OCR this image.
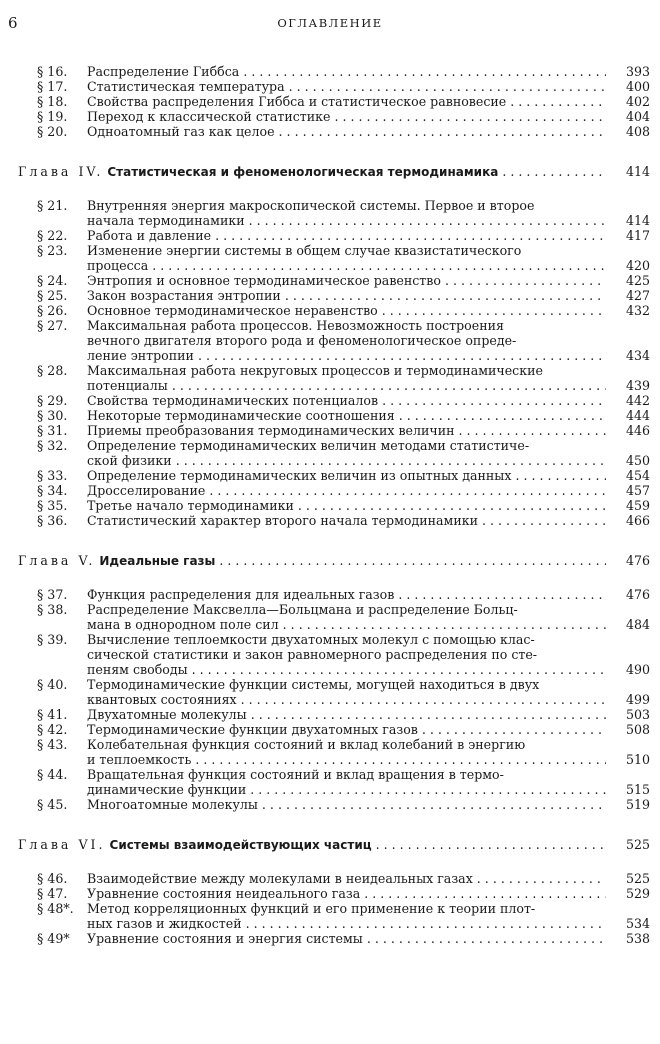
6	ОГЛАВЛЕНИЕ
§ 16.	Распределение Гиббса . . .	393
§ 17.	Статистическая температура . . .	400
§ 18.	Свойства распределения Гиббса и статистическое равновесие . . .	402
§ 19.	Переход к классической статистике . . .	404
§ 20.	Одноатомный газ как целое . . .	408
Глава IV. Статистическая и феноменологическая термодинамика . . .	414
§ 21.	Внутренняя энергия макроскопической системы. Первое и второе
начала термодинамики . . .	414
§ 22.	Работа и давление . . .	417
§ 23.	Изменение энергии системы в общем случае квазистатического
процесса . . .	420
§ 24.	Энтропия и основное термодинамическое равенство . . .	425
§ 25.	Закон возрастания энтропии . . .	427
§ 26.	Основное термодинамическое неравенство . . .	432
§ 27.	Максимальная работа процессов. Невозможность построения
вечного двигателя второго рода и феноменологическое опреде-
ление энтропии . . .	434
§ 28.	Максимальная работа некруговых процессов и термодинамические
потенциалы . . .	439
§ 29.	Свойства термодинамических потенциалов . . .	442
§ 30.	Некоторые термодинамические соотношения . . .	444
§ 31.	Приемы преобразования термодинамических величин . . .	446
§ 32.	Определение термодинамических величин методами статистиче-
ской физики . . .	450
§ 33.	Определение термодинамических величин из опытных данных . . .	454
§ 34.	Дросселирование . . .	457
§ 35.	Третье начало термодинамики . . .	459
§ 36.	Статистический характер второго начала термодинамики . . .	466
Глава V. Идеальные газы . . .	476
§ 37.	Функция распределения для идеальных газов . . .	476
§ 38.	Распределение Максвелла—Больцмана и распределение Больц-
мана в однородном поле сил . . .	484
§ 39.	Вычисление теплоемкости двухатомных молекул с помощью клас-
сической статистики и закон равномерного распределения по сте-
пеням свободы . . .	490
§ 40.	Термодинамические функции системы, могущей находиться в двух
квантовых состояниях . . .	499
§ 41.	Двухатомные молекулы . . .	503
§ 42.	Термодинамические функции двухатомных газов . . .	508
§ 43.	Колебательная функция состояний и вклад колебаний в энергию
и теплоемкость . . .	510
§ 44.	Вращательная функция состояний и вклад вращения в термо-
динамические функции . . .	515
§ 45.	Многоатомные молекулы . . .	519
Глава VI. Системы взаимодействующих частиц . . .	525
§ 46.	Взаимодействие между молекулами в неидеальных газах . . .	525
§ 47.	Уравнение состояния неидеального газа . . .	529
§ 48*.	Метод корреляционных функций и его применение к теории плот-
ных газов и жидкостей . . .	534
§ 49*	Уравнение состояния и энергия системы . . .	538
